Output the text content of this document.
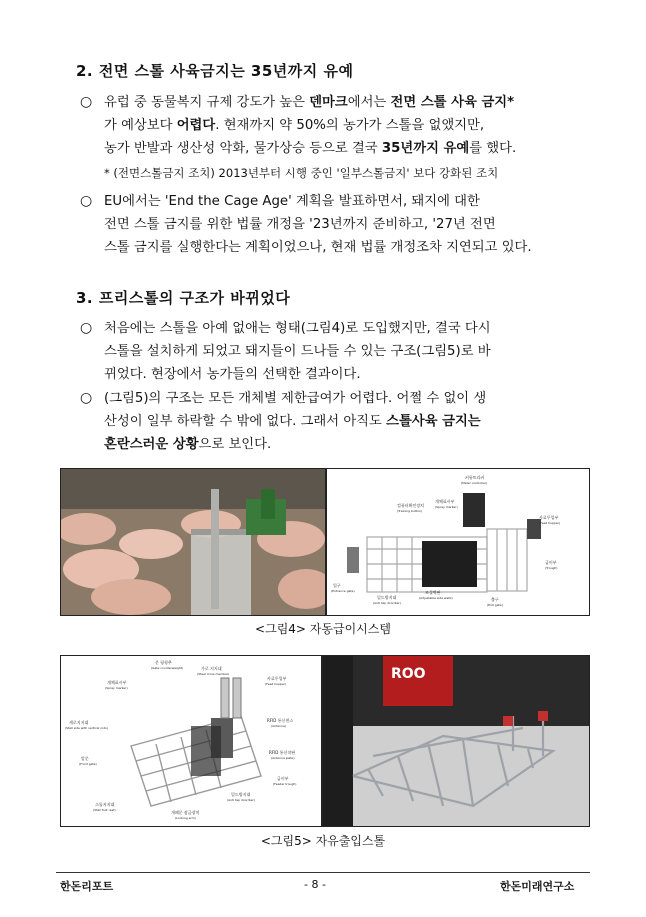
2. 전면 스톨 사육금지는 35년까지 유예
○ 유럽 중 동물복지 규제 강도가 높은 덴마크에서는 전면 스톨 사육 금지*
가 예상보다 어렵다. 현재까지 약 50%의 농가가 스톨을 없앴지만,
농가 반발과 생산성 악화, 물가상승 등으로 결국 35년까지 유예를 했다.
* (전면스톨금지 조치) 2013년부터 시행 중인 '일부스톨금지' 보다 강화된 조치
○ EU에서는 'End the Cage Age' 계획을 발표하면서, 돼지에 대한
전면 스톨 금지를 위한 법률 개정을 '23년까지 준비하고, '27년 전면
스톨 금지를 실행한다는 계획이었으나, 현재 법률 개정조차 지연되고 있다.
3. 프리스톨의 구조가 바뀌었다
○ 처음에는 스톨을 아예 없애는 형태(그림4)로 도입했지만, 결국 다시
스톨을 설치하게 되었고 돼지들이 드나들 수 있는 구조(그림5)로 바
뀌었다. 현장에서 농가들의 선택한 결과이다.
○ (그림5)의 구조는 모든 개체별 제한급여가 어렵다. 어쩔 수 없이 생
산성이 일부 하락할 수 밖에 없다. 그래서 아직도 스톨사육 금지는
혼란스러운 상황으로 보인다.
커뮤트라커
(Meter controller)
컴퓨터확인장치
(Training button)
개체표시부
(Spray marker)
사료투입부
(Feed hopper)
급이부
(Trough)
입구
(Entrance gate)
밀드방지대
(Anti tap door/bar)
조절벽판
(Adjustable side walls)	출구
(Exit gate)
<그림4> 자동급이시스템
가로 지지대
(Steel cross member)
문 평형추
(Gate counterweight)
사료투입부
(Feed hopper)
개체표시부
(Spray marker)
세로지지대
(Stall side with vertical rods)
RFID 통신센스
(Antenna)
RFID 통신작판
(Antenna plate)
앞문
(Front gate)
급이부
(Feeder trough)
밀드방지대
(Anti tap door/bar)
개폐문 잠금장치
(Locking arm)
스톨지지대
(Stall foot rest)
ROO
<그림5> 자유출입스톨
한돈리포트	- 8 -	한돈미래연구소
